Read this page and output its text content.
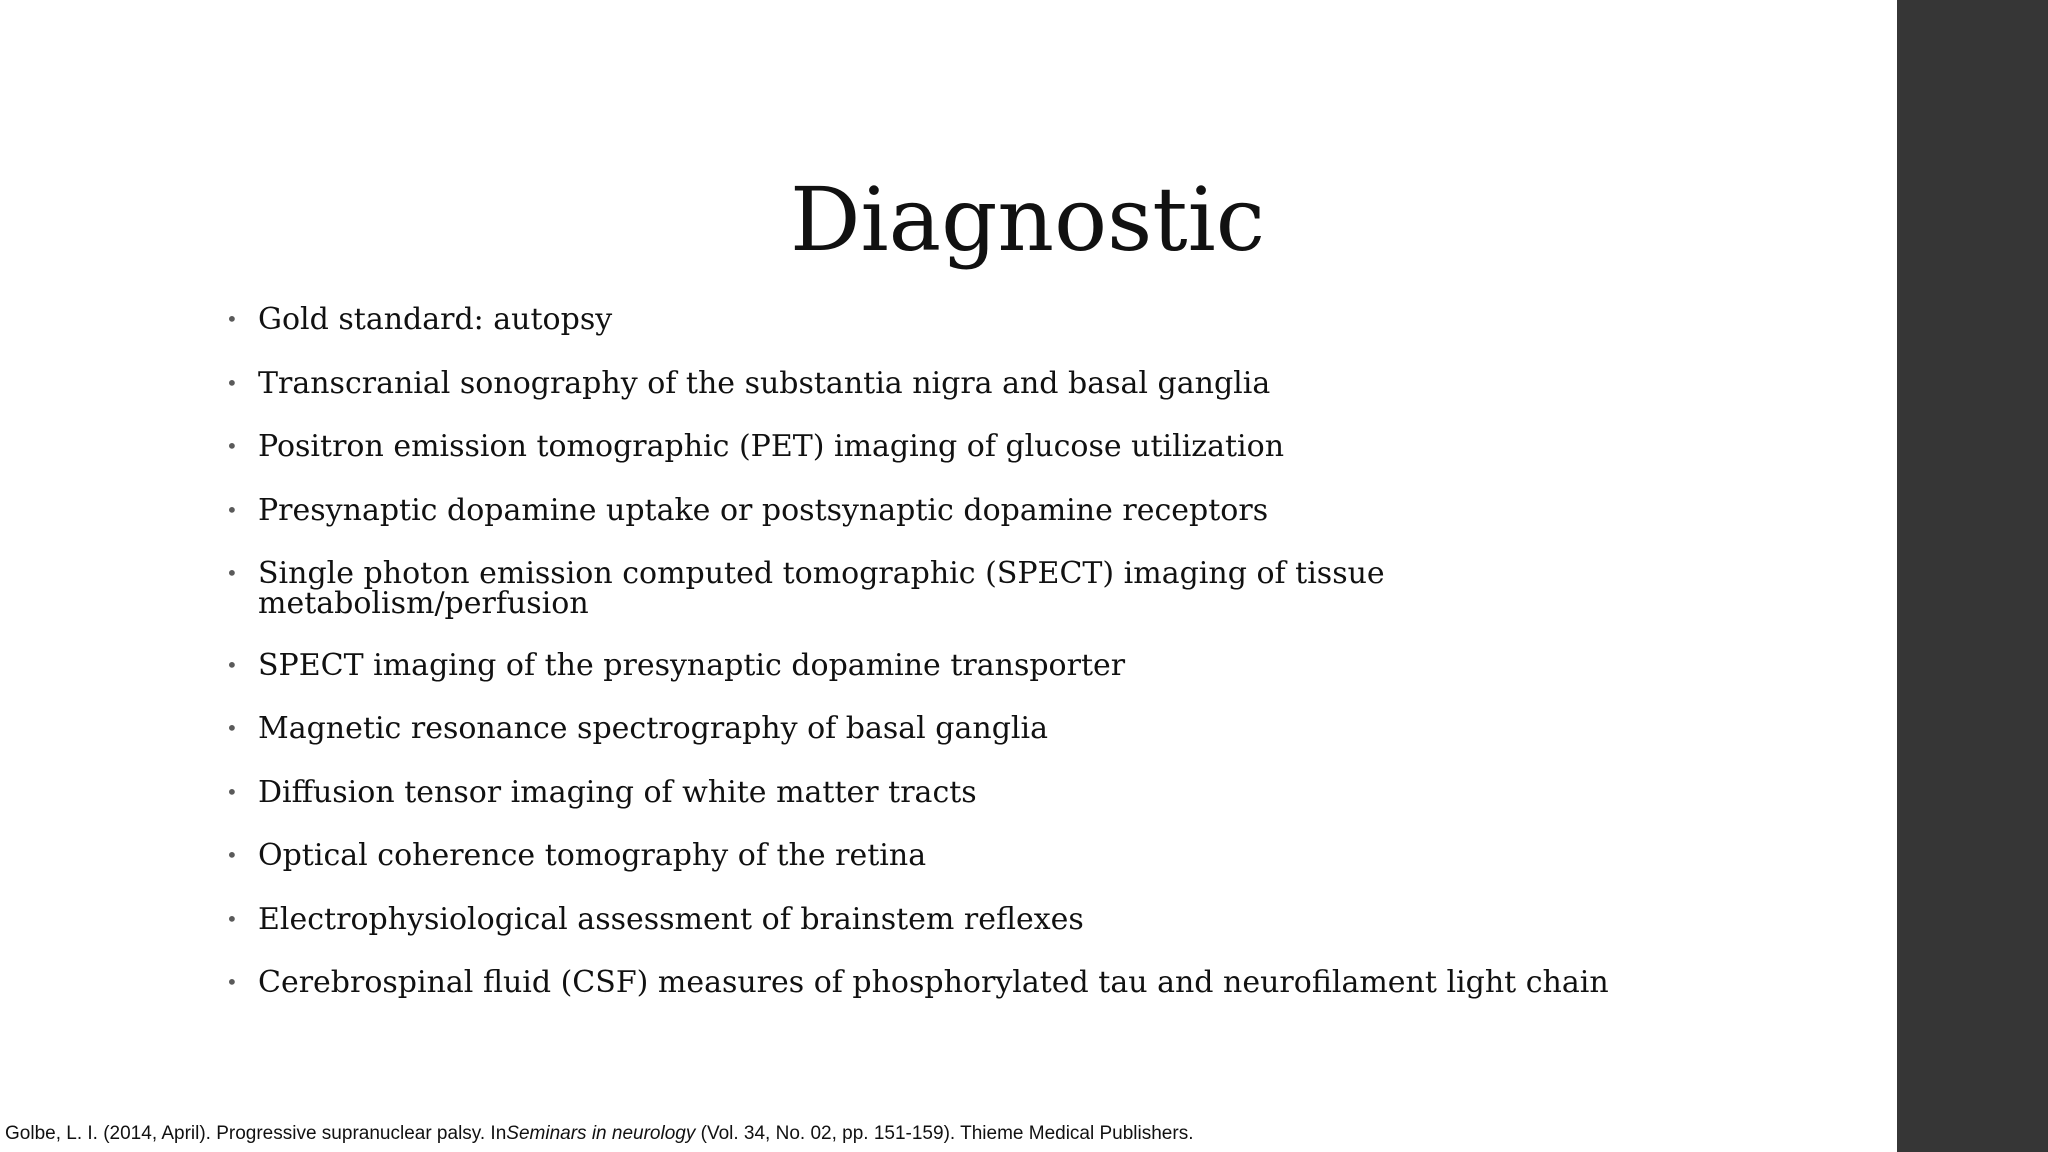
Diagnostic
• Gold standard: autopsy
• Transcranial sonography of the substantia nigra and basal ganglia
• Positron emission tomographic (PET) imaging of glucose utilization
• Presynaptic dopamine uptake or postsynaptic dopamine receptors
• Single photon emission computed tomographic (SPECT) imaging of tissue
metabolism/perfusion
• SPECT imaging of the presynaptic dopamine transporter
• Magnetic resonance spectrography of basal ganglia
• Diffusion tensor imaging of white matter tracts
• Optical coherence tomography of the retina
• Electrophysiological assessment of brainstem reflexes
• Cerebrospinal fluid (CSF) measures of phosphorylated tau and neurofilament light chain
Golbe, L. I. (2014, April). Progressive supranuclear palsy. InSeminars in neurology (Vol. 34, No. 02, pp. 151-159). Thieme Medical Publishers.
